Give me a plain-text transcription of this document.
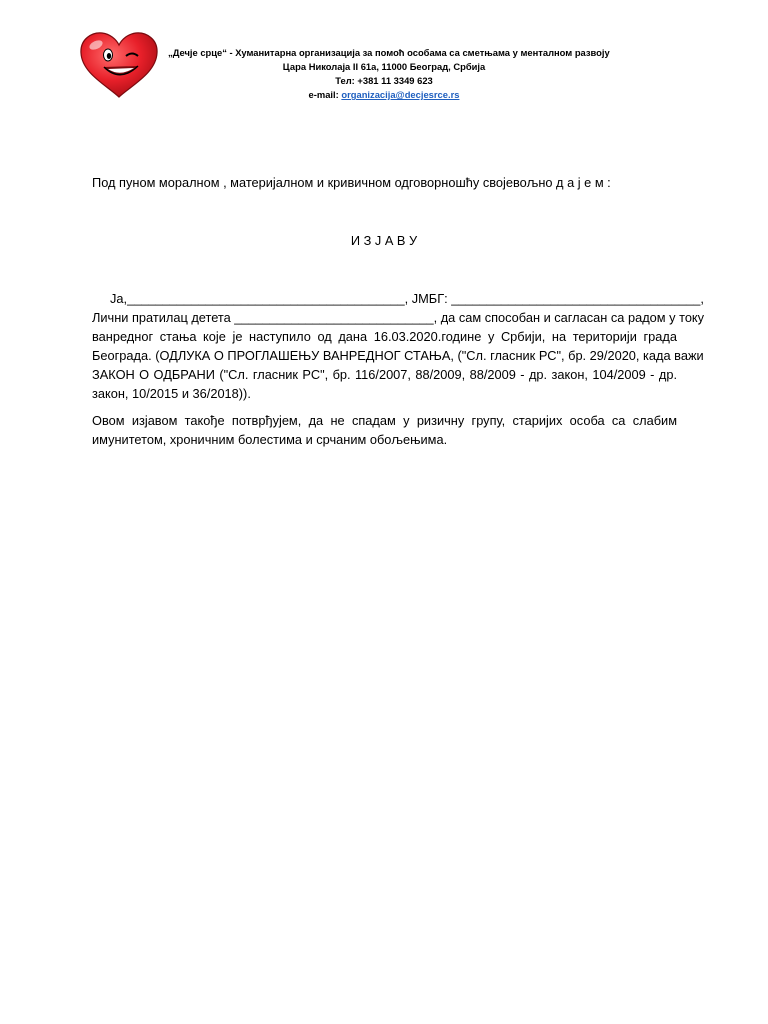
„Дечје срце“ - Хуманитарна организација за помоћ особама са сметњама у менталном развоју
Цара Николаја II 61а, 11000 Београд, Србија
Тел: +381 11 3349 623
e-mail: organizacija@decjesrce.rs
Под пуном моралном , материјалном и кривичном одговорношћу својевољно д а ј е м :
И З Ј А В У
Ја,_______________________________________, ЈМБГ: ___________________________________,
Лични пратилац детета ____________________________, да сам способан и сагласан са радом у току
ванредног стања које је наступило од дана 16.03.2020.године у Србији, на територији града
Београда. (ОДЛУКА О ПРОГЛАШЕЊУ ВАНРЕДНОГ СТАЊА, ("Сл. гласник РС", бр. 29/2020, када важи
ЗАКОН О ОДБРАНИ ("Сл. гласник РС", бр. 116/2007, 88/2009, 88/2009 - др. закон, 104/2009 - др.
закон, 10/2015 и 36/2018)).
Овом изјавом такође потврђујем, да не спадам у ризичну групу, старијих особа са слабим
имунитетом, хроничним болестима и срчаним обољењима.
